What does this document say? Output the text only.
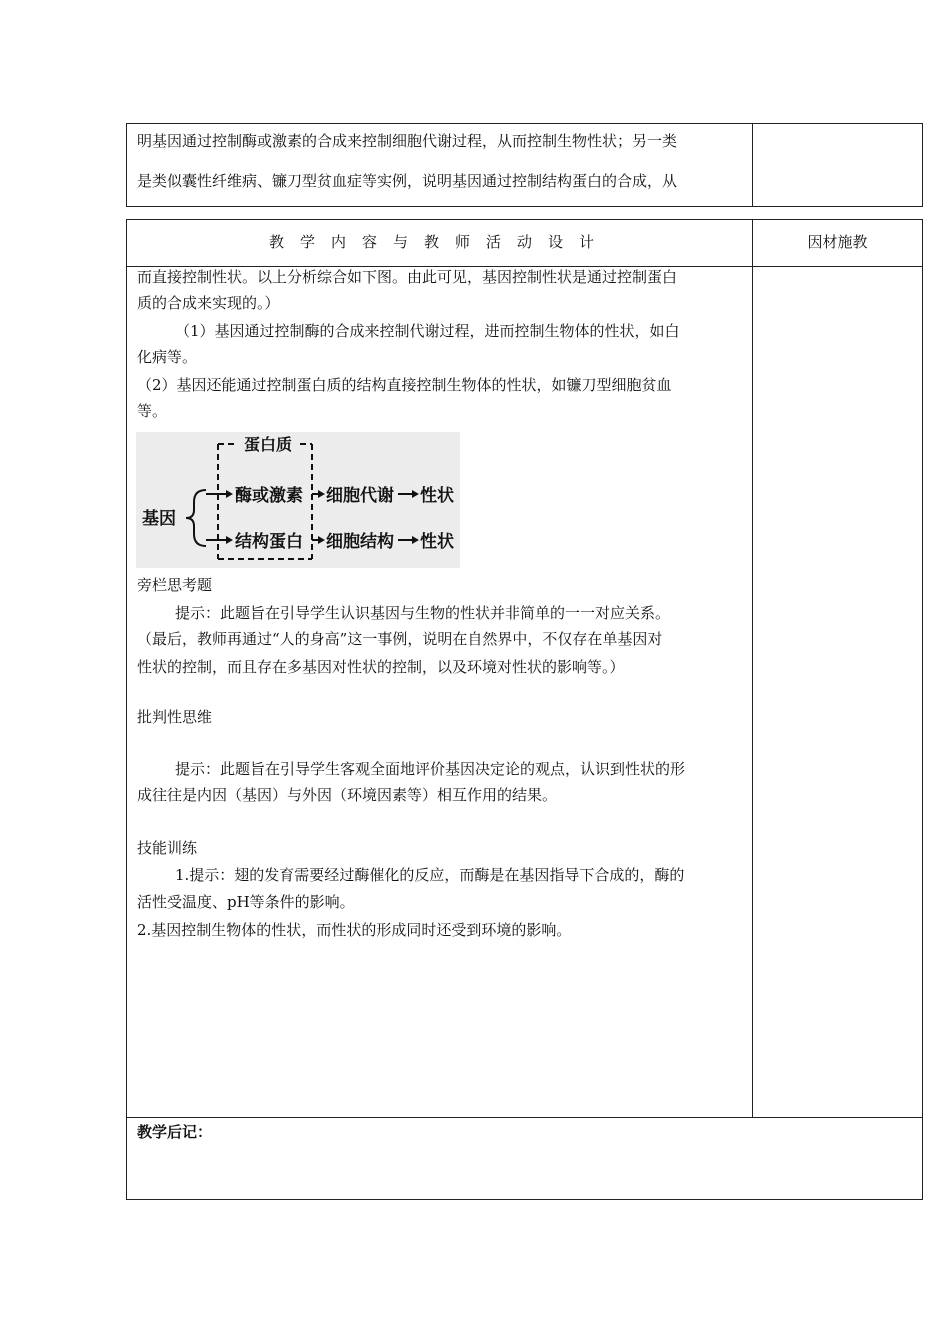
明基因通过控制酶或激素的合成来控制细胞代谢过程，从而控制生物性状；另一类
是类似囊性纤维病、镰刀型贫血症等实例，说明基因通过控制结构蛋白的合成，从
教学内容与教师活动设计	因材施教
而直接控制性状。以上分析综合如下图。由此可见，基因控制性状是通过控制蛋白
质的合成来实现的。）
（1）基因通过控制酶的合成来控制代谢过程，进而控制生物体的性状，如白
化病等。
（2）基因还能通过控制蛋白质的结构直接控制生物体的性状，如镰刀型细胞贫血
等。
蛋白质
基因
酶或激素 细胞代谢 性状
结构蛋白 细胞结构 性状
旁栏思考题
提示：此题旨在引导学生认识基因与生物的性状并非简单的一一对应关系。
（最后，教师再通过“人的身高”这一事例，说明在自然界中，不仅存在单基因对
性状的控制，而且存在多基因对性状的控制，以及环境对性状的影响等。）
批判性思维
提示：此题旨在引导学生客观全面地评价基因决定论的观点，认识到性状的形
成往往是内因（基因）与外因（环境因素等）相互作用的结果。
技能训练
1.提示：翅的发育需要经过酶催化的反应，而酶是在基因指导下合成的，酶的
活性受温度、pH等条件的影响。
2.基因控制生物体的性状，而性状的形成同时还受到环境的影响。
教学后记：
